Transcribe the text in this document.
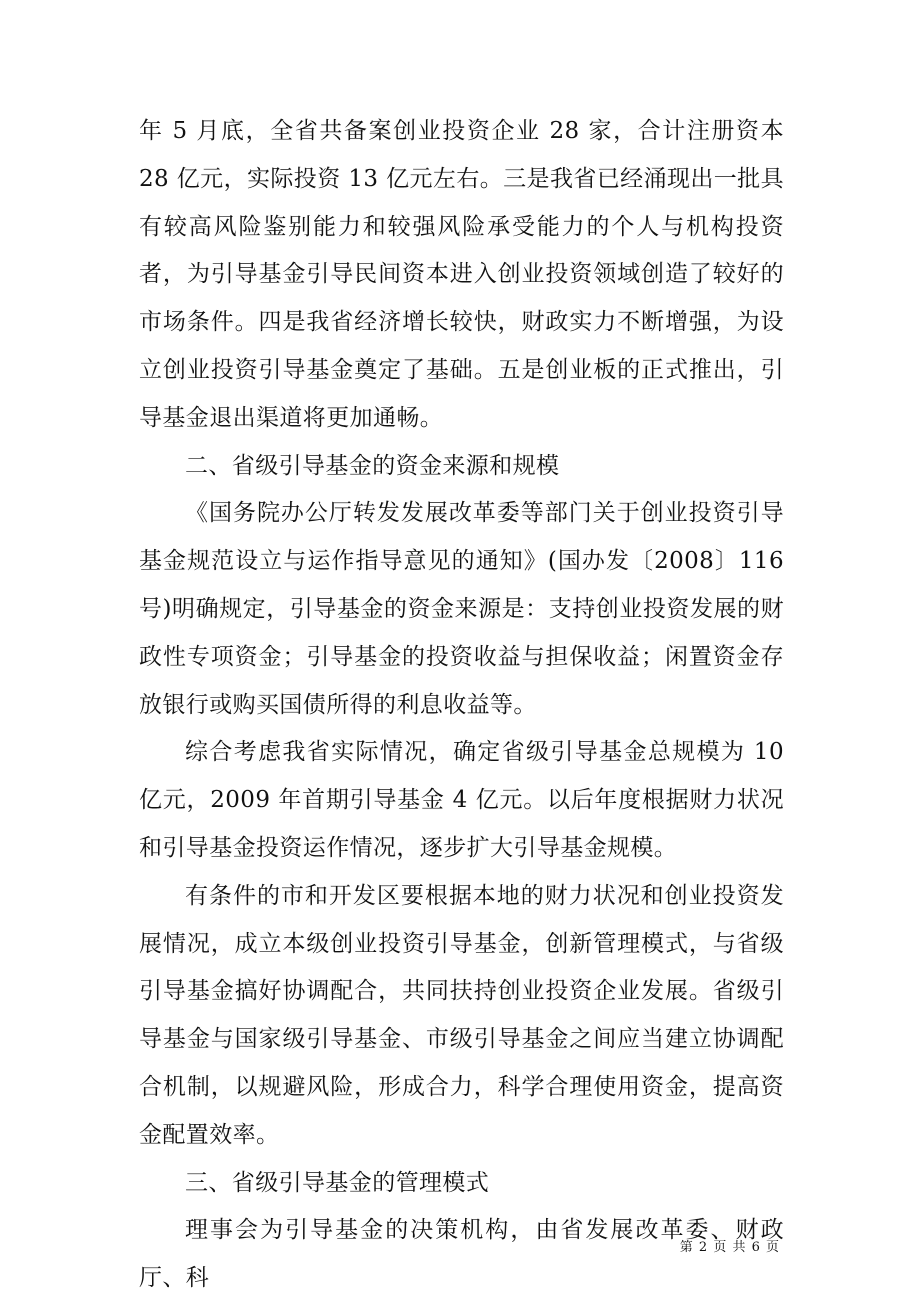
年 5 月底，全省共备案创业投资企业 28 家，合计注册资本 28 亿元，实际投资 13 亿元左右。三是我省已经涌现出一批具有较高风险鉴别能力和较强风险承受能力的个人与机构投资者，为引导基金引导民间资本进入创业投资领域创造了较好的市场条件。四是我省经济增长较快，财政实力不断增强，为设立创业投资引导基金奠定了基础。五是创业板的正式推出，引导基金退出渠道将更加通畅。

二、省级引导基金的资金来源和规模

《国务院办公厅转发发展改革委等部门关于创业投资引导基金规范设立与运作指导意见的通知》(国办发〔2008〕116 号)明确规定，引导基金的资金来源是：支持创业投资发展的财政性专项资金；引导基金的投资收益与担保收益；闲置资金存放银行或购买国债所得的利息收益等。

综合考虑我省实际情况，确定省级引导基金总规模为 10 亿元，2009 年首期引导基金 4 亿元。以后年度根据财力状况和引导基金投资运作情况，逐步扩大引导基金规模。

有条件的市和开发区要根据本地的财力状况和创业投资发展情况，成立本级创业投资引导基金，创新管理模式，与省级引导基金搞好协调配合，共同扶持创业投资企业发展。省级引导基金与国家级引导基金、市级引导基金之间应当建立协调配合机制，以规避风险，形成合力，科学合理使用资金，提高资金配置效率。

三、省级引导基金的管理模式

理事会为引导基金的决策机构，由省发展改革委、财政厅、科

第 2 页 共 6 页
